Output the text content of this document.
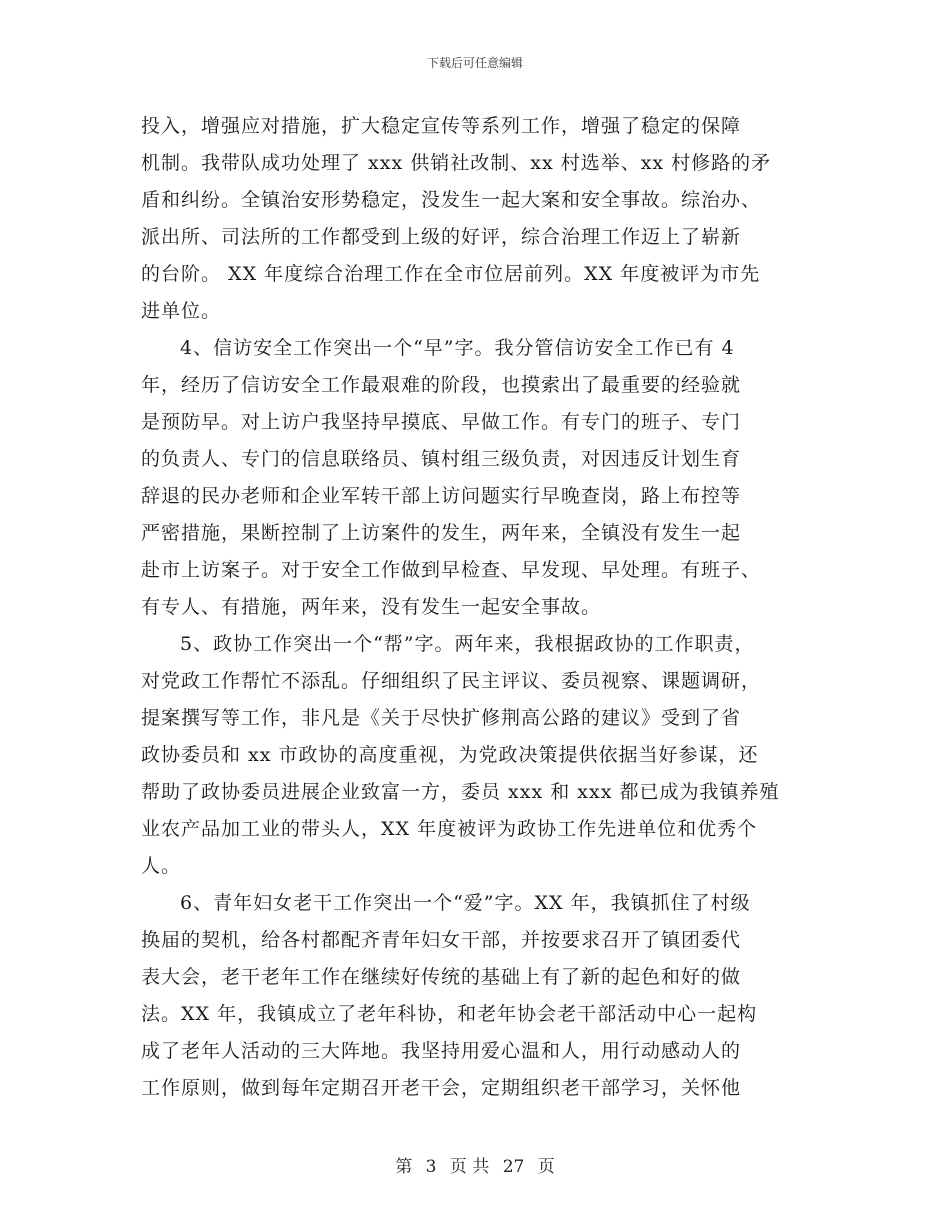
下载后可任意编辑
投入，增强应对措施，扩大稳定宣传等系列工作，增强了稳定的保障
机制。我带队成功处理了 xxx 供销社改制、xx 村选举、xx 村修路的矛
盾和纠纷。全镇治安形势稳定，没发生一起大案和安全事故。综治办、
派出所、司法所的工作都受到上级的好评，综合治理工作迈上了崭新
的台阶。 XX 年度综合治理工作在全市位居前列。XX 年度被评为市先
进单位。
4、信访安全工作突出一个“早”字。我分管信访安全工作已有 4
年，经历了信访安全工作最艰难的阶段，也摸索出了最重要的经验就
是预防早。对上访户我坚持早摸底、早做工作。有专门的班子、专门
的负责人、专门的信息联络员、镇村组三级负责，对因违反计划生育
辞退的民办老师和企业军转干部上访问题实行早晚查岗，路上布控等
严密措施，果断控制了上访案件的发生，两年来，全镇没有发生一起
赴市上访案子。对于安全工作做到早检查、早发现、早处理。有班子、
有专人、有措施，两年来，没有发生一起安全事故。
5、政协工作突出一个“帮”字。两年来，我根据政协的工作职责，
对党政工作帮忙不添乱。仔细组织了民主评议、委员视察、课题调研，
提案撰写等工作，非凡是《关于尽快扩修荆高公路的建议》受到了省
政协委员和 xx 市政协的高度重视，为党政决策提供依据当好参谋，还
帮助了政协委员进展企业致富一方，委员 xxx 和 xxx 都已成为我镇养殖
业农产品加工业的带头人，XX 年度被评为政协工作先进单位和优秀个
人。
6、青年妇女老干工作突出一个“爱”字。XX 年，我镇抓住了村级
换届的契机，给各村都配齐青年妇女干部，并按要求召开了镇团委代
表大会，老干老年工作在继续好传统的基础上有了新的起色和好的做
法。XX 年，我镇成立了老年科协，和老年协会老干部活动中心一起构
成了老年人活动的三大阵地。我坚持用爱心温和人，用行动感动人的
工作原则，做到每年定期召开老干会，定期组织老干部学习，关怀他
第 3 页 共 27 页
